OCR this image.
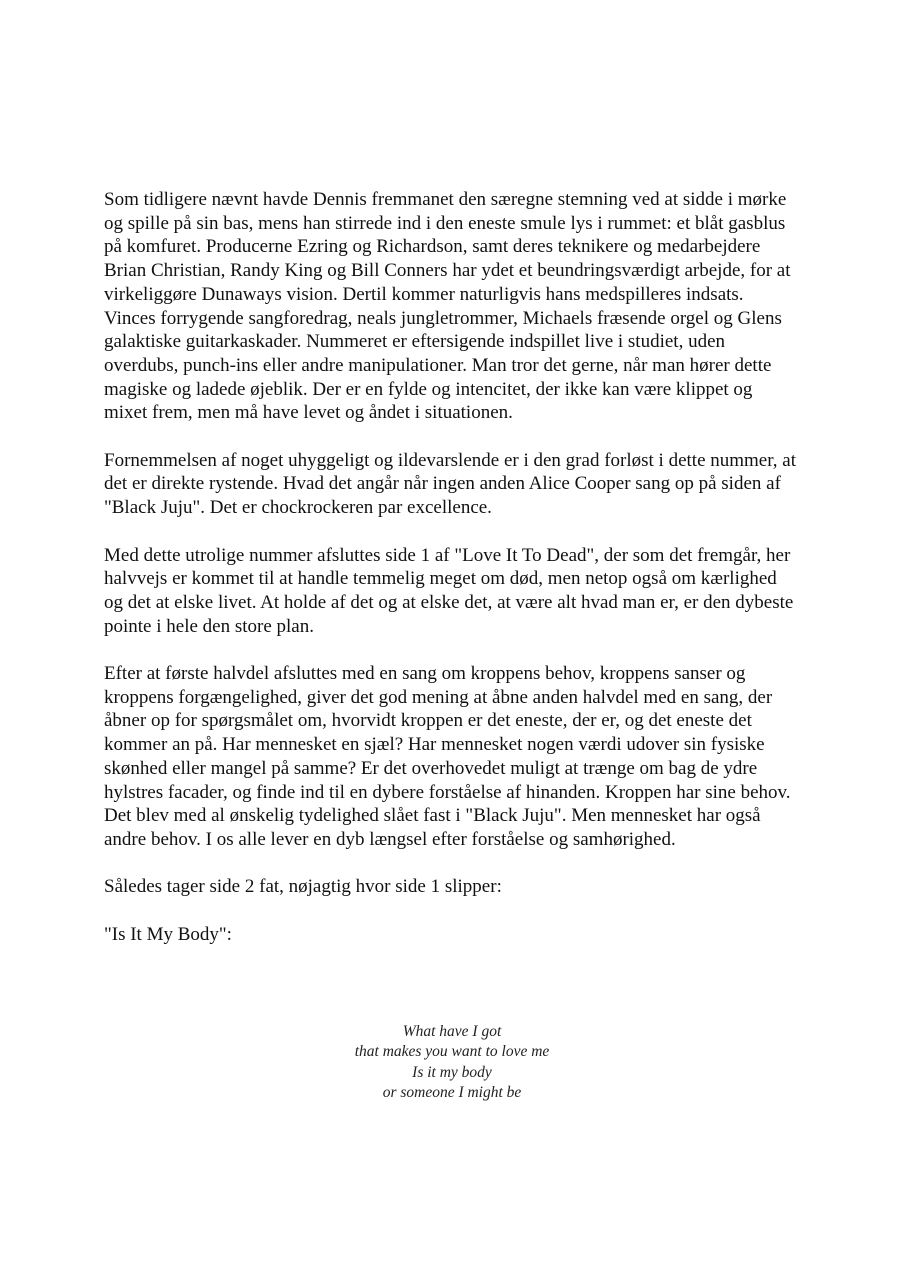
Som tidligere nævnt havde Dennis fremmanet den særegne stemning ved at sidde i mørke og spille på sin bas, mens han stirrede ind i den eneste smule lys i rummet: et blåt gasblus på komfuret. Producerne Ezring og Richardson, samt deres teknikere og medarbejdere Brian Christian, Randy King og Bill Conners har ydet et beundringsværdigt arbejde, for at virkeliggøre Dunaways vision. Dertil kommer naturligvis hans medspilleres indsats. Vinces forrygende sangforedrag, neals jungletrommer, Michaels fræsende orgel og Glens galaktiske guitarkaskader. Nummeret er eftersigende indspillet live i studiet, uden overdubs, punch-ins eller andre manipulationer. Man tror det gerne, når man hører dette magiske og ladede øjeblik. Der er en fylde og intencitet, der ikke kan være klippet og mixet frem, men må have levet og åndet i situationen.

Fornemmelsen af noget uhyggeligt og ildevarslende er i den grad forløst i dette nummer, at det er direkte rystende. Hvad det angår når ingen anden Alice Cooper sang op på siden af "Black Juju". Det er chockrockeren par excellence.

Med dette utrolige nummer afsluttes side 1 af "Love It To Dead", der som det fremgår, her halvvejs er kommet til at handle temmelig meget om død, men netop også om kærlighed og det at elske livet. At holde af det og at elske det, at være alt hvad man er, er den dybeste pointe i hele den store plan.

Efter at første halvdel afsluttes med en sang om kroppens behov, kroppens sanser og kroppens forgængelighed, giver det god mening at åbne anden halvdel med en sang, der åbner op for spørgsmålet om, hvorvidt kroppen er det eneste, der er, og det eneste det kommer an på. Har mennesket en sjæl? Har mennesket nogen værdi udover sin fysiske skønhed eller mangel på samme? Er det overhovedet muligt at trænge om bag de ydre hylstres facader, og finde ind til en dybere forståelse af hinanden. Kroppen har sine behov. Det blev med al ønskelig tydelighed slået fast i "Black Juju". Men mennesket har også andre behov. I os alle lever en dyb længsel efter forståelse og samhørighed.

Således tager side 2 fat, nøjagtig hvor side 1 slipper:

"Is It My Body":

What have I got
that makes you want to love me
Is it my body
or someone I might be
